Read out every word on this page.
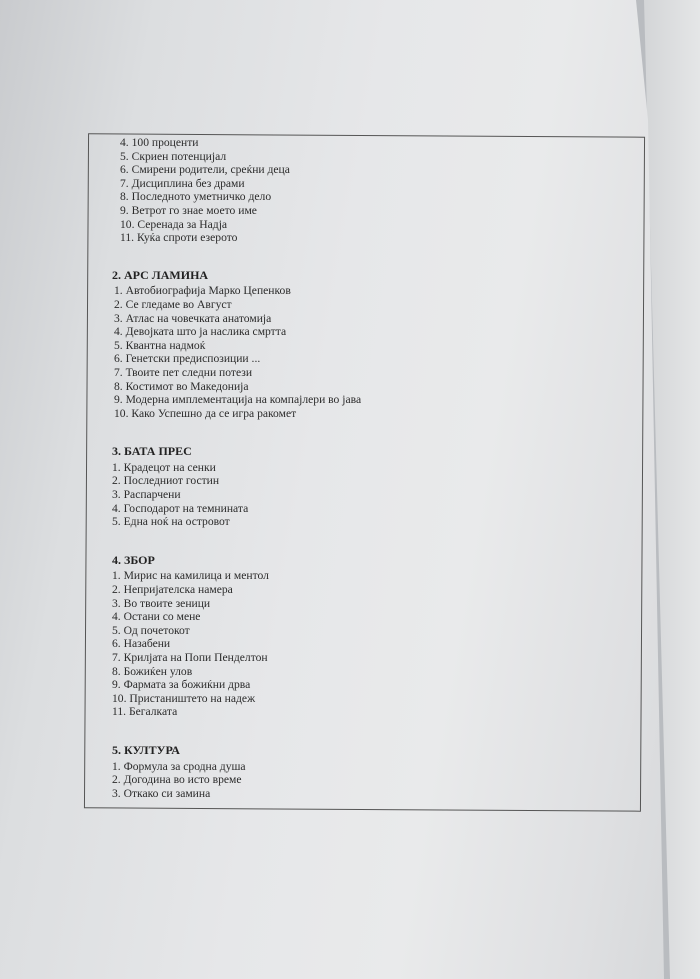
4. 100 проценти
5. Скриен потенцијал
6. Смирени родители, среќни деца
7. Дисциплина без драми
8. Последното уметничко дело
9. Ветрот го знае моето име
10. Серенада за Надја
11. Куќа спроти езерото
2. АРС ЛАМИНА
1. Автобиографија Марко Цепенков
2. Се гледаме во Август
3. Атлас на човечката анатомија
4. Девојката што ја наслика смртта
5. Квантна надмоќ
6. Генетски предиспозиции ...
7. Твоите пет следни потези
8. Костимот во Македонија
9. Модерна имплементација на компајлери во јава
10. Како Успешно да се игра ракомет
3. БАТА ПРЕС
1. Крадецот на сенки
2. Последниот гостин
3. Распарчени
4. Господарот на темнината
5. Една ноќ на островот
4. ЗБОР
1. Мирис на камилица и ментол
2. Непријателска намера
3. Во твоите зеници
4. Остани со мене
5. Од почетокот
6. Назабени
7. Крилјата на Попи Пенделтон
8. Божиќен улов
9. Фармата за божиќни дрва
10. Пристаништето на надеж
11. Бегалката
5. КУЛТУРА
1. Формула за сродна душа
2. Догодина во исто време
3. Откако си замина
